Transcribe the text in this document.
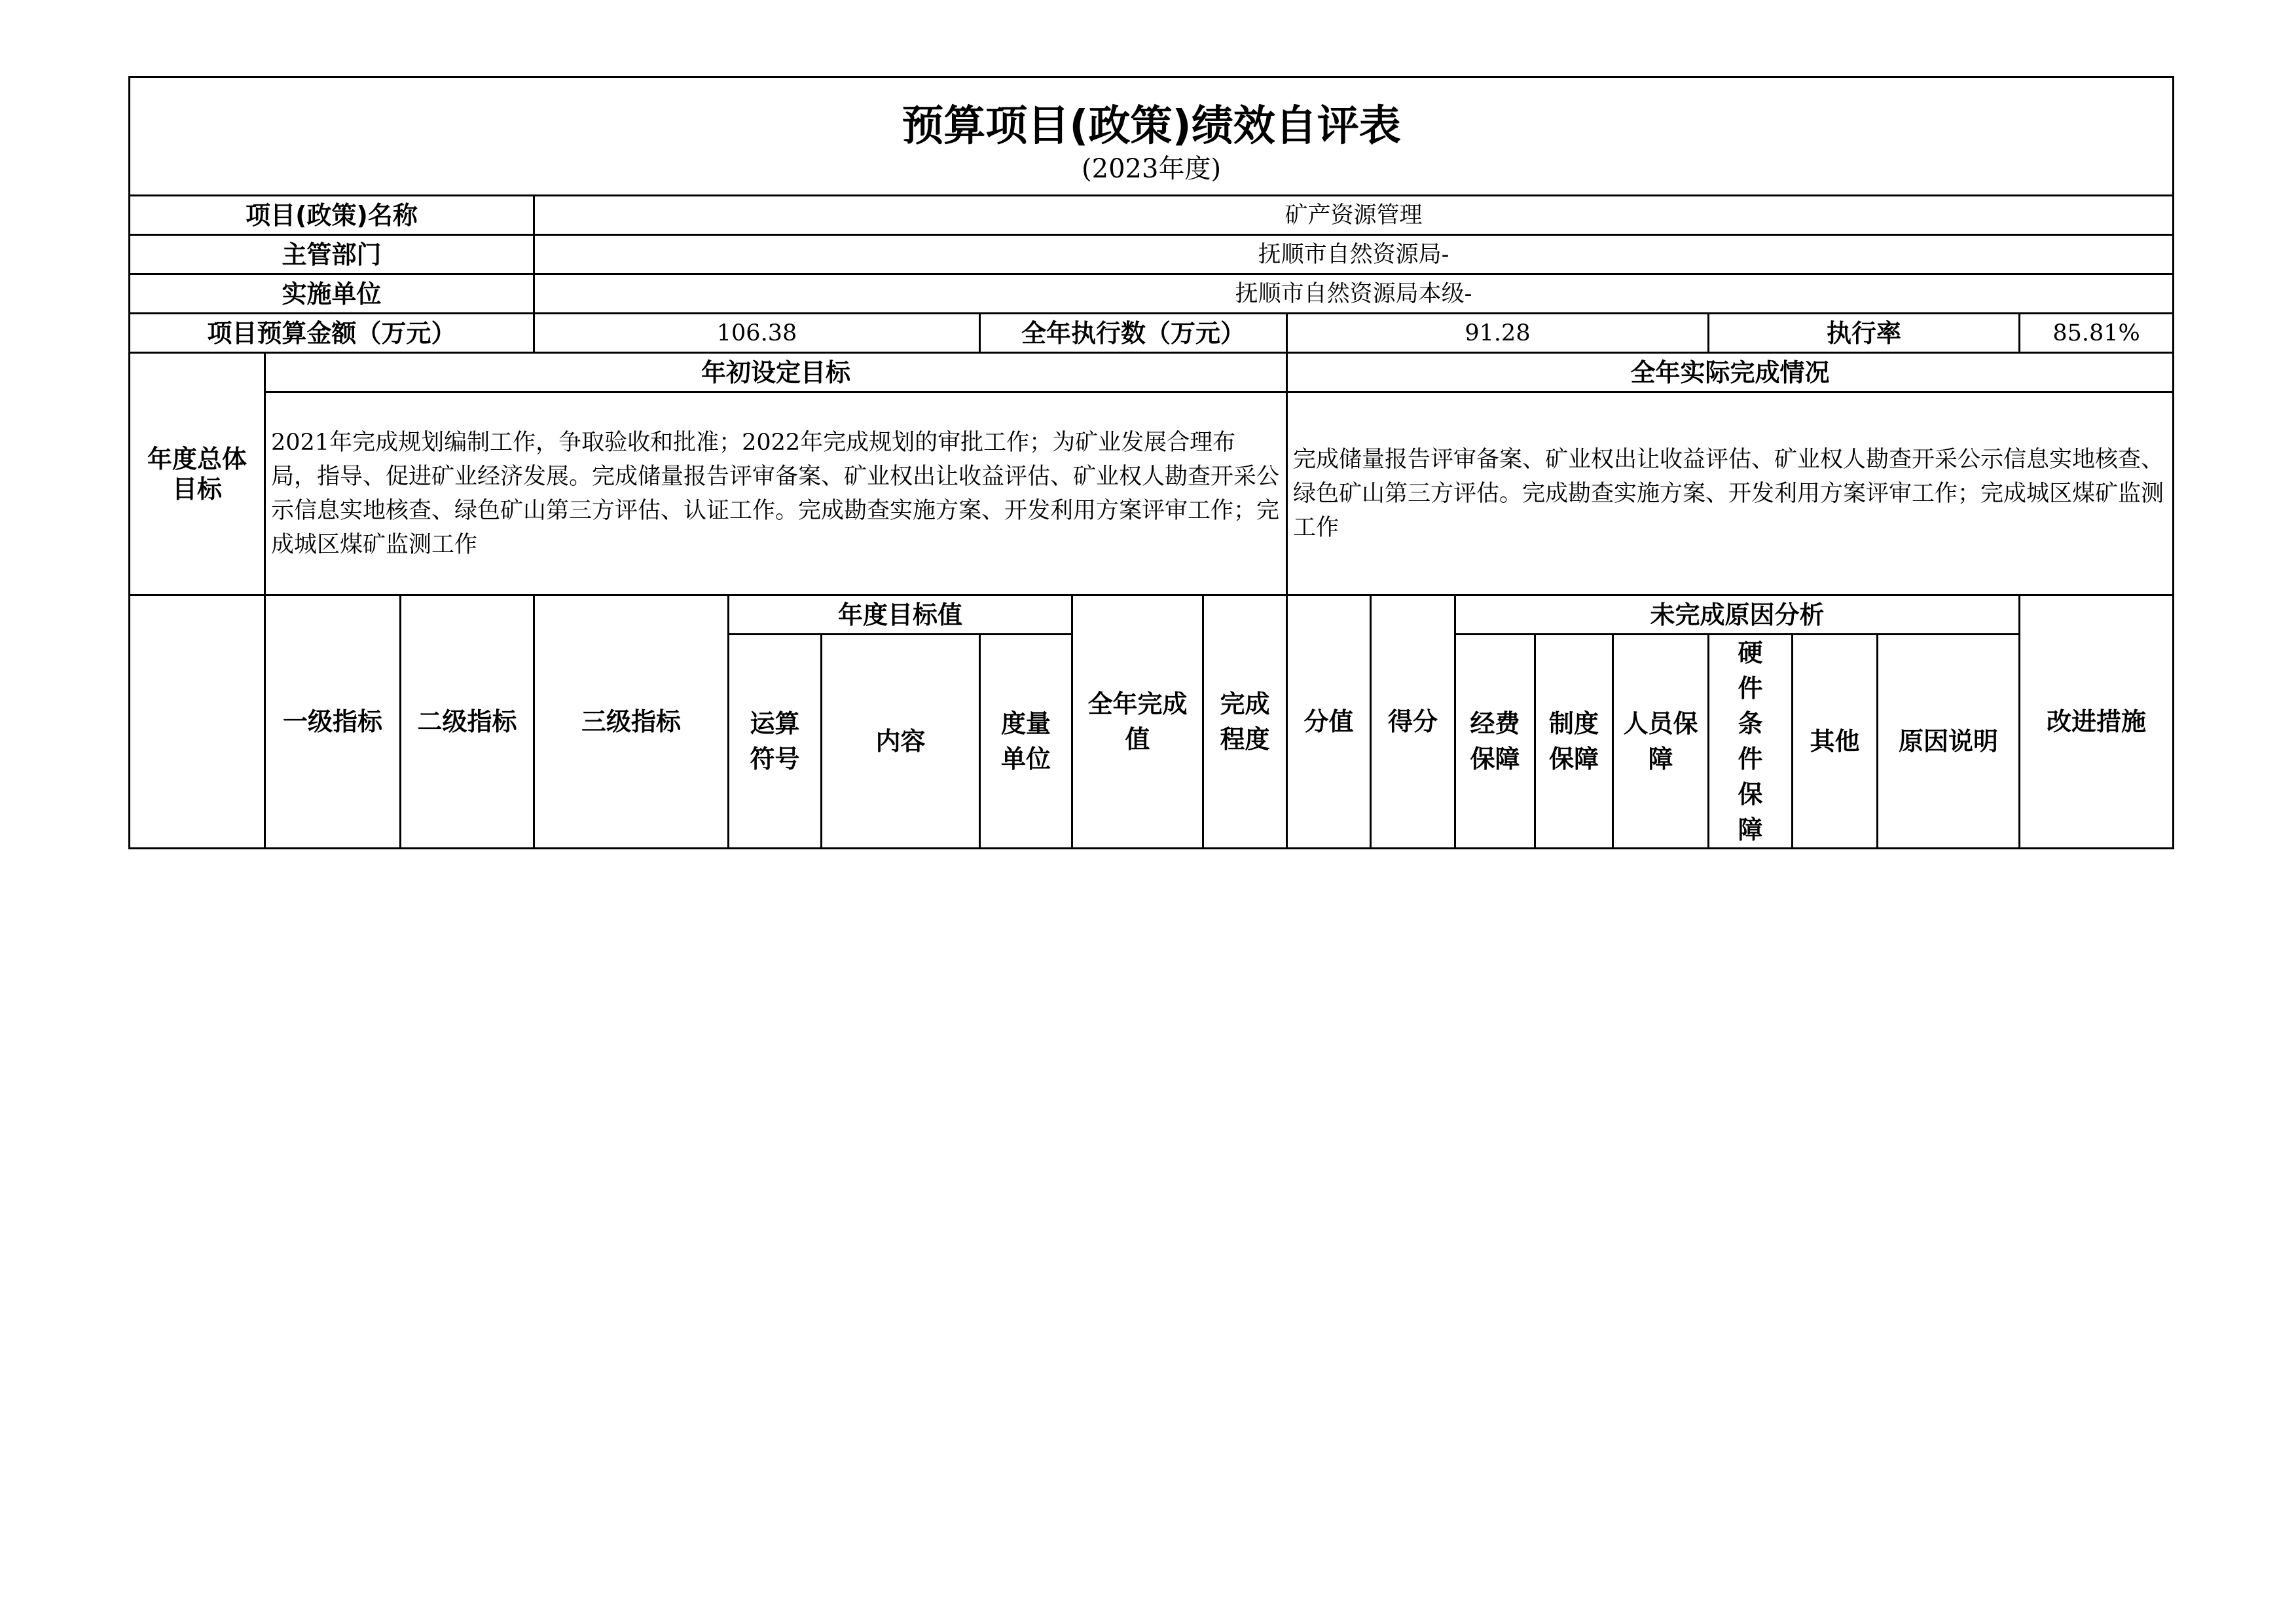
预算项目(政策)绩效自评表
(2023年度)																	

项目(政策)名称			矿产资源管理														
主管部门			抚顺市自然资源局-														
实施单位			抚顺市自然资源局本级-														
项目预算金额（万元）			106.38			全年执行数（万元）			91.28					执行率			85.81%
年度总体目标	年初设定目标								全年实际完成情况								
	2021年完成规划编制工作，争取验收和批准；2022年完成规划的审批工作；为矿业发展合理布局，指导、促进矿业经济发展。完成储量报告评审备案、矿业权出让收益评估、矿业权人勘查开采公示信息实地核查、绿色矿山第三方评估、认证工作。完成勘查实施方案、开发利用方案评审工作；完成城区煤矿监测工作								完成储量报告评审备案、矿业权出让收益评估、矿业权人勘查开采公示信息实地核查、绿色矿山第三方评估。完成勘查实施方案、开发利用方案评审工作；完成城区煤矿监测工作								
	一级指标	二级指标	三级指标	年度目标值			全年完成值	完成程度	分值	得分	未完成原因分析						改进措施
				运算符号	内容	度量单位					经费保障	制度保障	人员保障	硬件条件保障	其他	原因说明	
